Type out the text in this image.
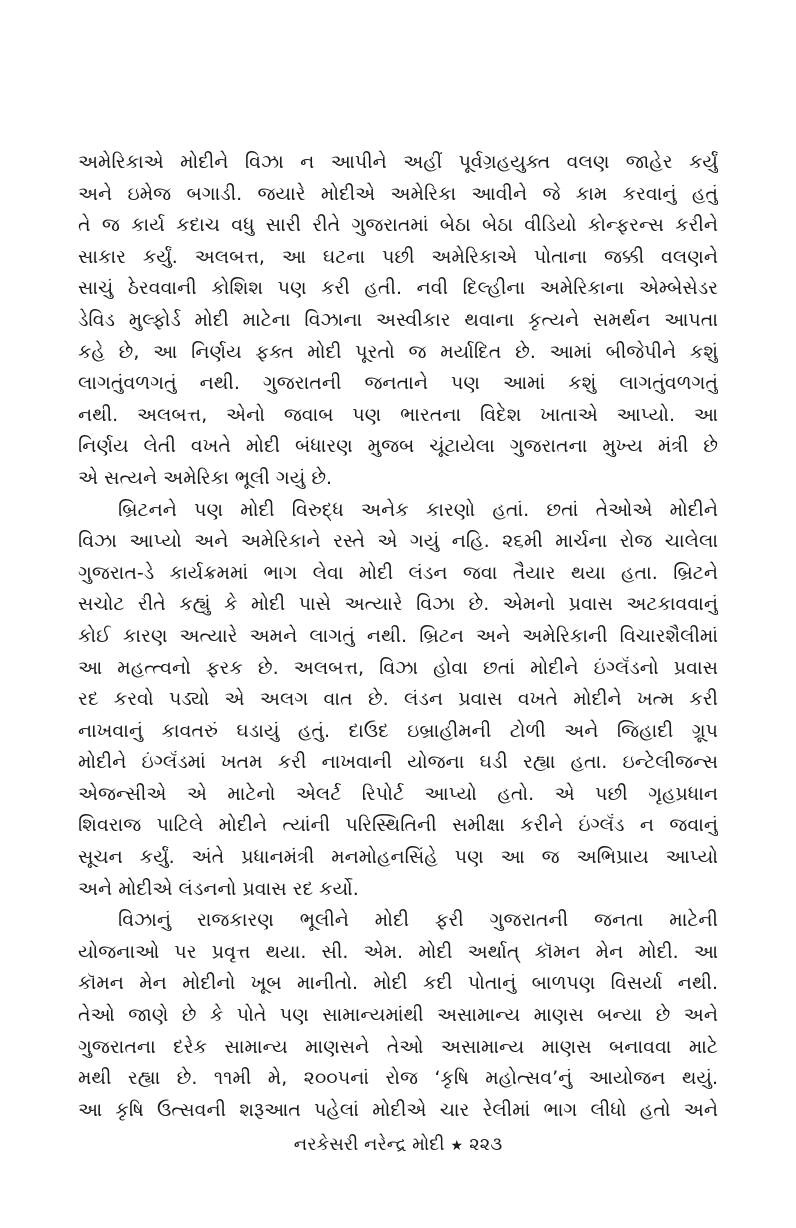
અમેરિકાએ મોદીને વિઝા ન આપીને અહીં પૂર્વગ્રહયુક્ત વલણ જાહેર કર્યું
અને ઇમેજ બગાડી. જયારે મોદીએ અમેરિકા આવીને જે કામ કરવાનું હતું
તે જ કાર્ય કદાચ વધુ સારી રીતે ગુજરાતમાં બેઠા બેઠા વીડિયો કોન્ફરન્સ કરીને
સાકાર કર્યું. અલબત્ત, આ ઘટના પછી અમેરિકાએ પોતાના જક્કી વલણને
સાચું ઠેરવવાની કોશિશ પણ કરી હતી. નવી દિલ્હીના અમેરિકાના એમ્બેસેડર
ડેવિડ મુલ્ફોર્ડ મોદી માટેના વિઝાના અસ્વીકાર થવાના કૃત્યને સમર્થન આપતા
કહે છે, આ નિર્ણય ફક્ત મોદી પૂરતો જ મર્યાદિત છે. આમાં બીજેપીને કશું
લાગતુંવળગતું નથી. ગુજરાતની જનતાને પણ આમાં કશું લાગતુંવળગતું
નથી. અલબત્ત, એનો જવાબ પણ ભારતના વિદેશ ખાતાએ આપ્યો. આ
નિર્ણય લેતી વખતે મોદી બંધારણ મુજબ ચૂંટાયેલા ગુજરાતના મુખ્ય મંત્રી છે
એ સત્યને અમેરિકા ભૂલી ગયું છે.
બ્રિટનને પણ મોદી વિરુદ્ધ અનેક કારણો હતાં. છતાં તેઓએ મોદીને
વિઝા આપ્યો અને અમેરિકાને રસ્તે એ ગયું નહિ. ૨૬મી માર્ચના રોજ ચાલેલા
ગુજરાત-ડે કાર્યક્રમમાં ભાગ લેવા મોદી લંડન જવા તૈયાર થયા હતા. બ્રિટને
સચોટ રીતે કહ્યું કે મોદી પાસે અત્યારે વિઝા છે. એમનો પ્રવાસ અટકાવવાનું
કોઈ કારણ અત્યારે અમને લાગતું નથી. બ્રિટન અને અમેરિકાની વિચારશૈલીમાં
આ મહત્ત્વનો ફરક છે. અલબત્ત, વિઝા હોવા છતાં મોદીને ઇંગ્લૅંડનો પ્રવાસ
રદ કરવો પડ્યો એ અલગ વાત છે. લંડન પ્રવાસ વખતે મોદીને ખત્મ કરી
નાખવાનું કાવતરું ઘડાયું હતું. દાઉદ ઇબ્રાહીમની ટોળી અને જિહાદી ગ્રૂપ
મોદીને ઇંગ્લૅંડમાં ખતમ કરી નાખવાની યોજના ઘડી રહ્યા હતા. ઇન્ટેલીજન્સ
એજન્સીએ એ માટેનો એલર્ટ રિપોર્ટ આપ્યો હતો. એ પછી ગૃહપ્રધાન
શિવરાજ પાટિલે મોદીને ત્યાંની પરિસ્થિતિની સમીક્ષા કરીને ઇંગ્લૅંડ ન જવાનું
સૂચન કર્યું. અંતે પ્રધાનમંત્રી મનમોહનસિંહે પણ આ જ અભિપ્રાય આપ્યો
અને મોદીએ લંડનનો પ્રવાસ રદ કર્યો.
વિઝાનું રાજકારણ ભૂલીને મોદી ફરી ગુજરાતની જનતા માટેની
યોજનાઓ પર પ્રવૃત્ત થયા. સી. એમ. મોદી અર્થાત્ કૉમન મેન મોદી. આ
કૉમન મેન મોદીનો ખૂબ માનીતો. મોદી કદી પોતાનું બાળપણ વિસર્યા નથી.
તેઓ જાણે છે કે પોતે પણ સામાન્યમાંથી અસામાન્ય માણસ બન્યા છે અને
ગુજરાતના દરેક સામાન્ય માણસને તેઓ અસામાન્ય માણસ બનાવવા માટે
મથી રહ્યા છે. ૧૧મી મે, ૨૦૦૫નાં રોજ ‘કૃષિ મહોત્સવ’નું આયોજન થયું.
આ કૃષિ ઉત્સવની શરૂઆત પહેલાં મોદીએ ચાર રેલીમાં ભાગ લીધો હતો અને
નરકેસરી નરેન્દ્ર મોદી ★ ૨૨૩
